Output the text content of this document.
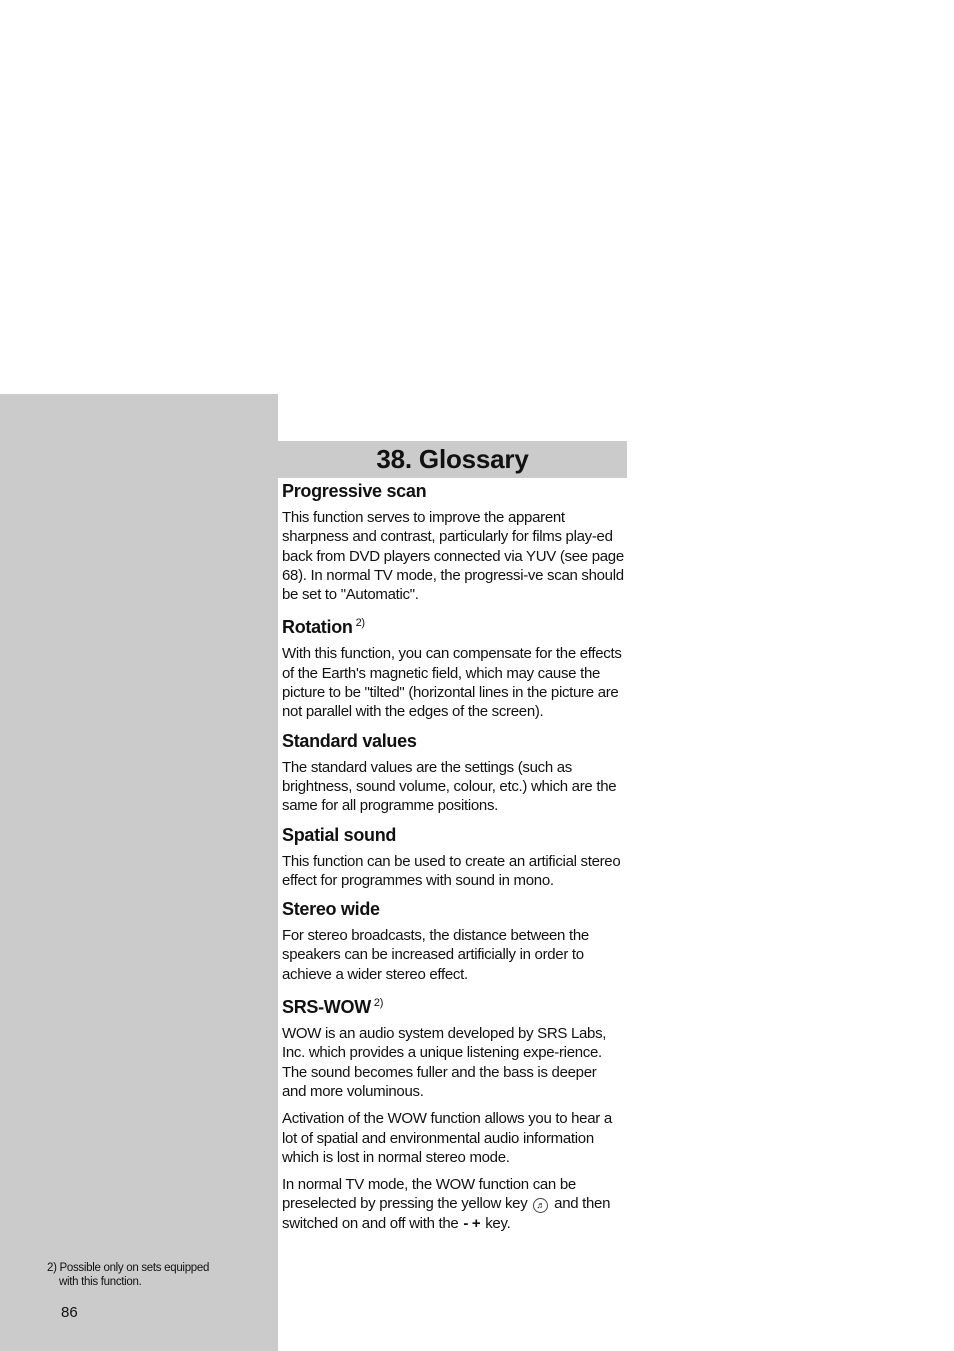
38. Glossary
Progressive scan

This function serves to improve the apparent sharpness and contrast, particularly for films play-ed back from DVD players connected via YUV (see page 68). In normal TV mode, the progressi-ve scan should be set to "Automatic".

Rotation $^{2)}$

With this function, you can compensate for the effects of the Earth's magnetic field, which may cause the picture to be "tilted" (horizontal lines in the picture are not parallel with the edges of the screen).

Standard values

The standard values are the settings (such as brightness, sound volume, colour, etc.) which are the same for all programme positions.

Spatial sound

This function can be used to create an artificial stereo effect for programmes with sound in mono.

Stereo wide

For stereo broadcasts, the distance between the speakers can be increased artificially in order to achieve a wider stereo effect.

SRS-WOW $^{2)}$

WOW is an audio system developed by SRS Labs, Inc. which provides a unique listening expe-rience. The sound becomes fuller and the bass is deeper and more voluminous.

Activation of the WOW function allows you to hear a lot of spatial and environmental audio information which is lost in normal stereo mode.

In normal TV mode, the WOW function can be preselected by pressing the yellow key ♬ and then switched on and off with the - + key.

2) Possible only on sets equipped
with this function.
86
